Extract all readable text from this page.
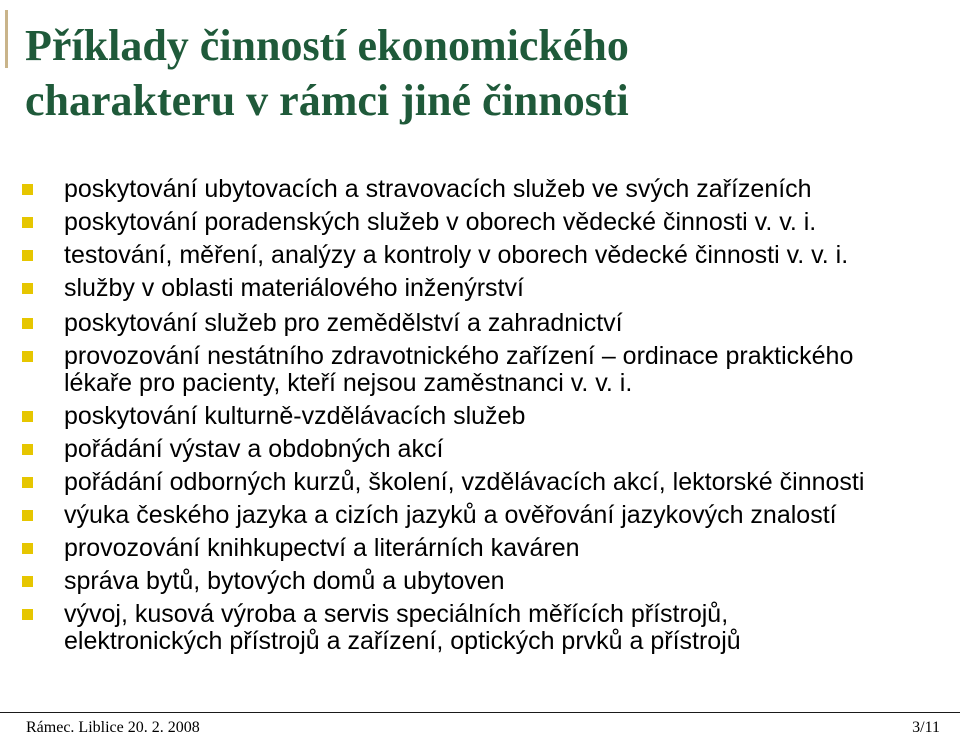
Příklady činností ekonomického
charakteru v rámci jiné činnosti
poskytování ubytovacích a stravovacích služeb ve svých zařízeních
poskytování poradenských služeb v oborech vědecké činnosti v. v. i.
testování, měření, analýzy a kontroly v oborech vědecké činnosti v. v. i.
služby v oblasti materiálového inženýrství
poskytování služeb pro zemědělství a zahradnictví
provozování nestátního zdravotnického zařízení – ordinace praktického
lékaře pro pacienty, kteří nejsou zaměstnanci v. v. i.
poskytování kulturně-vzdělávacích služeb
pořádání výstav a obdobných akcí
pořádání odborných kurzů, školení, vzdělávacích akcí, lektorské činnosti
výuka českého jazyka a cizích jazyků a ověřování jazykových znalostí
provozování knihkupectví a literárních kaváren
správa bytů, bytových domů a ubytoven
vývoj, kusová výroba a servis speciálních měřících přístrojů,
elektronických přístrojů a zařízení, optických prvků a přístrojů
Rámec. Liblice 20. 2. 2008	3/11
